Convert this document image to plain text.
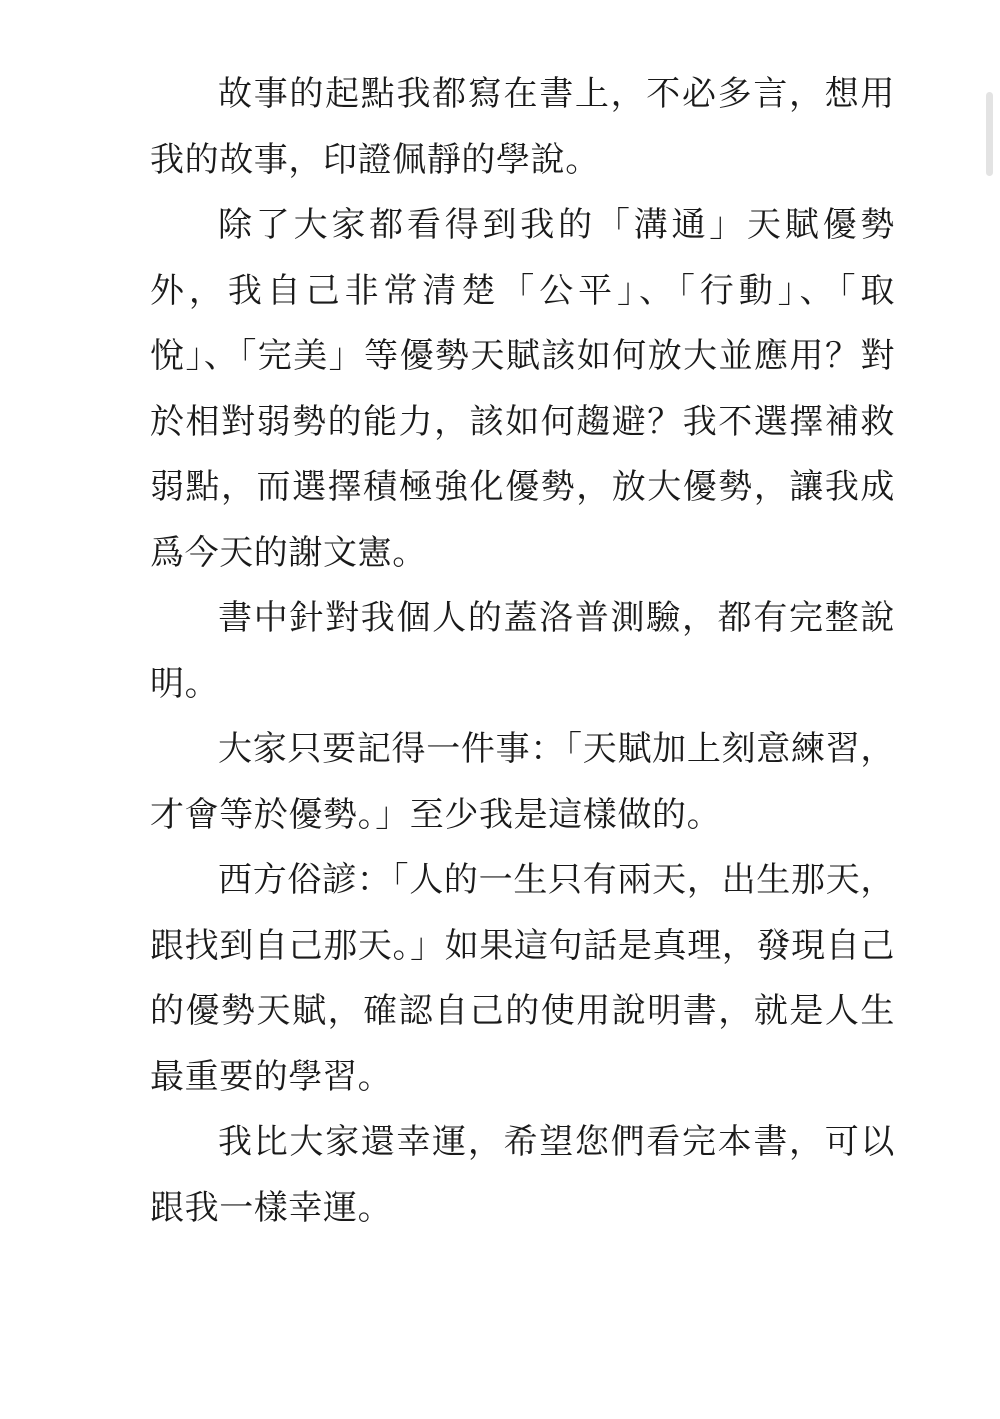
故事的起點我都寫在書上，不必多言，想用我的故事，印證佩靜的學說。

除了大家都看得到我的「溝通」天賦優勢外，我自己非常清楚「公平」、「行動」、「取悅」、「完美」等優勢天賦該如何放大並應用？對於相對弱勢的能力，該如何趨避？我不選擇補救弱點，而選擇積極強化優勢，放大優勢，讓我成爲今天的謝文憲。

書中針對我個人的蓋洛普測驗，都有完整說明。

大家只要記得一件事：「天賦加上刻意練習，才會等於優勢。」至少我是這樣做的。

西方俗諺：「人的一生只有兩天，出生那天，跟找到自己那天。」如果這句話是真理，發現自己的優勢天賦，確認自己的使用說明書，就是人生最重要的學習。

我比大家還幸運，希望您們看完本書，可以跟我一樣幸運。
